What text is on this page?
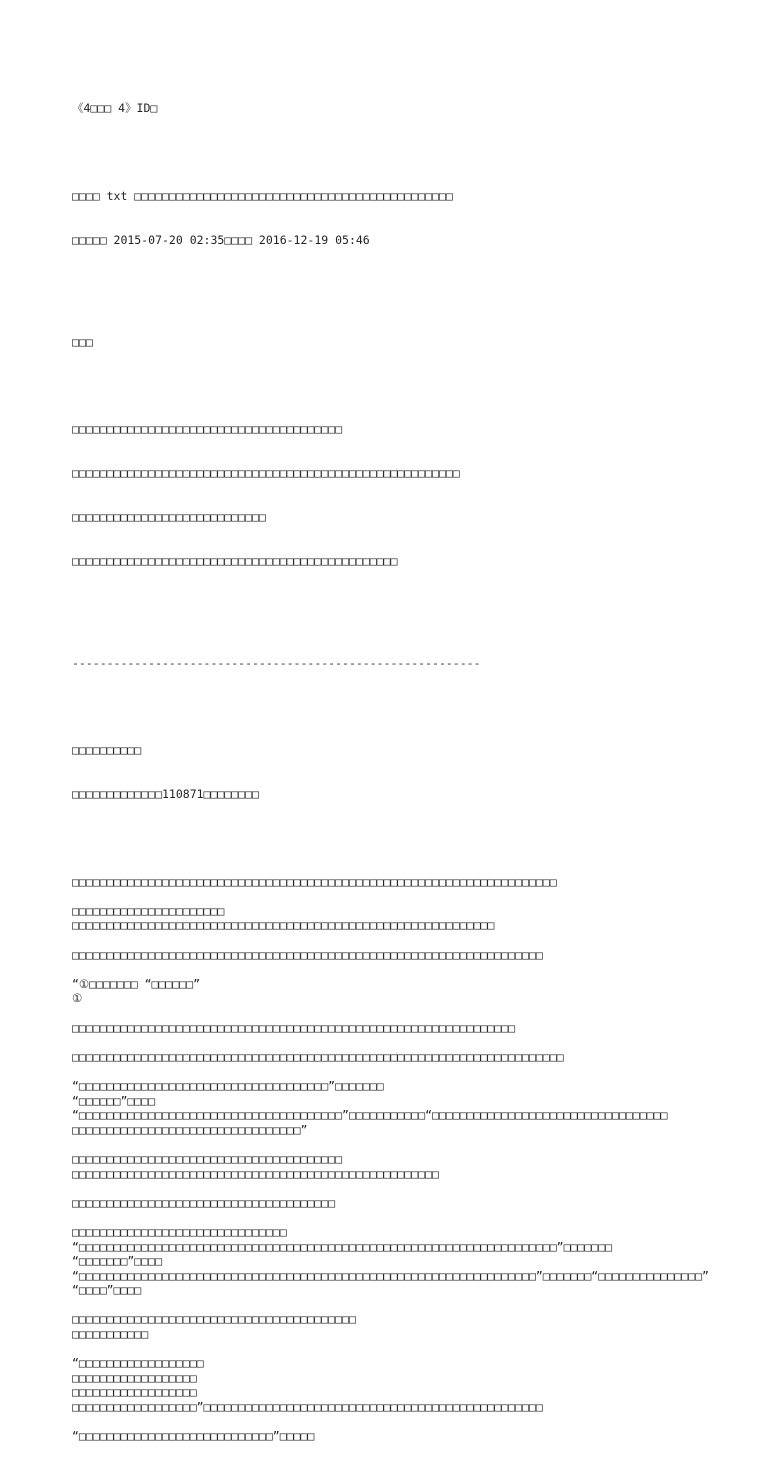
《4□□□ 4》ID□

□□□□ txt □□□□□□□□□□□□□□□□□□□□□□□□□□□□□□□□□□□□□□□□□□□□□□

□□□□□ 2015-07-20 02:35□□□□ 2016-12-19 05:46

□□□

□□□□□□□□□□□□□□□□□□□□□□□□□□□□□□□□□□□□□□□

□□□□□□□□□□□□□□□□□□□□□□□□□□□□□□□□□□□□□□□□□□□□□□□□□□□□□□□□

□□□□□□□□□□□□□□□□□□□□□□□□□□□□

□□□□□□□□□□□□□□□□□□□□□□□□□□□□□□□□□□□□□□□□□□□□□□□

-----------------------------------------------------------

□□□□□□□□□□

□□□□□□□□□□□□□110871□□□□□□□□

□□□□□□□□□□□□□□□□□□□□□□□□□□□□□□□□□□□□□□□□□□□□□□□□□□□□□□□□□□□□□□□□□□□□□□
□□□□□□□□□□□□□□□□□□□□□□
□□□□□□□□□□□□□□□□□□□□□□□□□□□□□□□□□□□□□□□□□□□□□□□□□□□□□□□□□□□□□
□□□□□□□□□□□□□□□□□□□□□□□□□□□□□□□□□□□□□□□□□□□□□□□□□□□□□□□□□□□□□□□□□□□□
“①□□□□□□□ “□□□□□□”
①
□□□□□□□□□□□□□□□□□□□□□□□□□□□□□□□□□□□□□□□□□□□□□□□□□□□□□□□□□□□□□□□□
□□□□□□□□□□□□□□□□□□□□□□□□□□□□□□□□□□□□□□□□□□□□□□□□□□□□□□□□□□□□□□□□□□□□□□□
“□□□□□□□□□□□□□□□□□□□□□□□□□□□□□□□□□□□□”□□□□□□□
“□□□□□□”□□□□
“□□□□□□□□□□□□□□□□□□□□□□□□□□□□□□□□□□□□□□”□□□□□□□□□□□“□□□□□□□□□□□□□□□□□□□□□□□□□□□□□□□□□□
□□□□□□□□□□□□□□□□□□□□□□□□□□□□□□□□□”
□□□□□□□□□□□□□□□□□□□□□□□□□□□□□□□□□□□□□□□
□□□□□□□□□□□□□□□□□□□□□□□□□□□□□□□□□□□□□□□□□□□□□□□□□□□□□
□□□□□□□□□□□□□□□□□□□□□□□□□□□□□□□□□□□□□□
□□□□□□□□□□□□□□□□□□□□□□□□□□□□□□□
“□□□□□□□□□□□□□□□□□□□□□□□□□□□□□□□□□□□□□□□□□□□□□□□□□□□□□□□□□□□□□□□□□□□□□”□□□□□□□
“□□□□□□□”□□□□
“□□□□□□□□□□□□□□□□□□□□□□□□□□□□□□□□□□□□□□□□□□□□□□□□□□□□□□□□□□□□□□□□□□”□□□□□□□“□□□□□□□□□□□□□□□”
“□□□□”□□□□
□□□□□□□□□□□□□□□□□□□□□□□□□□□□□□□□□□□□□□□□□
□□□□□□□□□□□
“□□□□□□□□□□□□□□□□□□
□□□□□□□□□□□□□□□□□□
□□□□□□□□□□□□□□□□□□
□□□□□□□□□□□□□□□□□□”□□□□□□□□□□□□□□□□□□□□□□□□□□□□□□□□□□□□□□□□□□□□□□□□□
“□□□□□□□□□□□□□□□□□□□□□□□□□□□□”□□□□□
